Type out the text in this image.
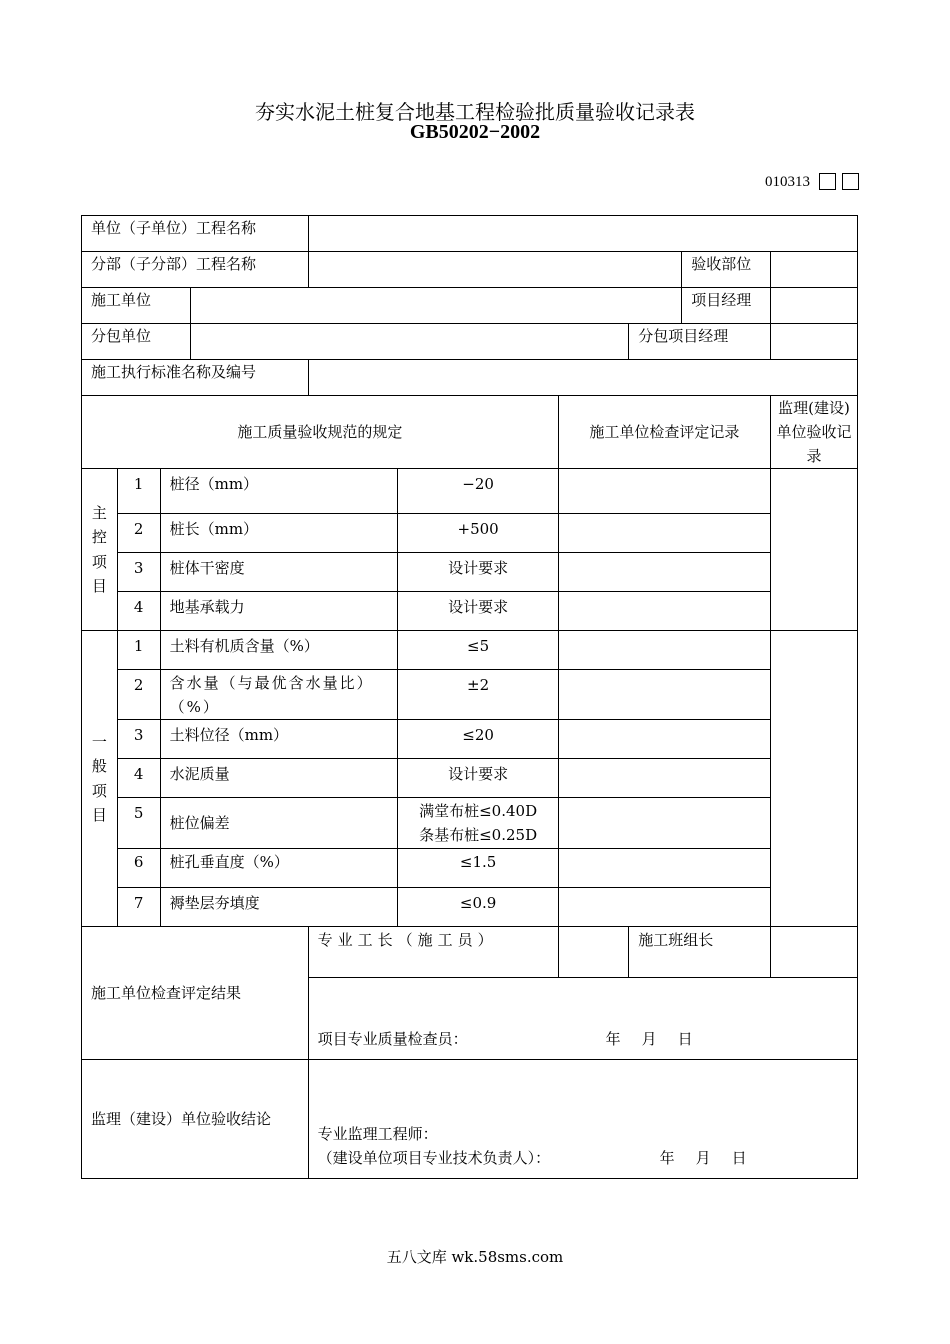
夯实水泥土桩复合地基工程检验批质量验收记录表
GB50202−2002
010313
单位（子单位）工程名称									
分部（子分部）工程名称								验收部位	
施工单位								项目经理	
分包单位							分包项目经理		
施工执行标准名称及编号									
施工质量验收规范的规定						施工单位检查评定记录			监理(建设)单位验收记录
主控项目	1	桩径（mm）			−20				
	2	桩长（mm）			+500				
	3	桩体干密度			设计要求				
	4	地基承载力			设计要求				
一般项目	1	土料有机质含量（%）			≤5				
	2	含水量（与最优含水量比）（%）			±2				
	3	土料位径（mm）			≤20				
	4	水泥质量			设计要求				
	5	桩位偏差			满堂布桩≤0.40D
条基布桩≤0.25D				

	6	桩孔垂直度（%）			≤1.5				
	7	褥垫层夯填度			≤0.9				
施工单位检查评定结果				专业工长（施工员）			施工班组长		

				项目专业质量检查员： 年　月　日					

监理（建设）单位验收结论				专业监理工程师：
（建设单位项目专业技术负责人）： 年　月　日					
五八文库 wk.58sms.com
